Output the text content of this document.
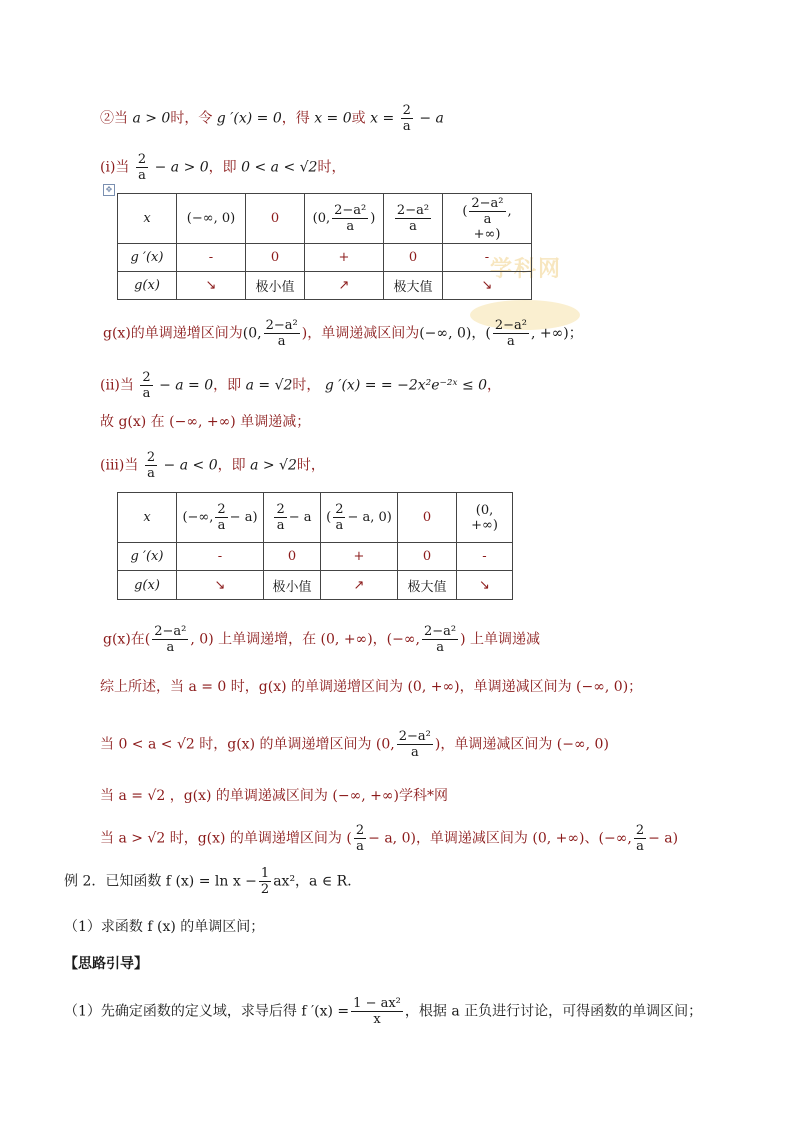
学科网
②当 a > 0时，令 g ′(x) = 0，得 x = 0或 $x = \frac{2}{a} - a$
(ⅰ)当 $\frac{2}{a} - a > 0$，即 0 < a < √2时，
✥
x	(−∞, 0)	0	(0, $\frac{\text{2−a²}}{a}$ )	$\frac{\text{2−a²}}{a}$	( $\frac{\text{2−a²}}{a}$ , +∞)
g ′(x)	-	0	+	0	-
g(x)	↘	极小值	↗	极大值	↘
g(x)的单调递增区间为(0, $\frac{\text{2−a²}}{a}$ )，单调递减区间为(−∞, 0)，( $\frac{\text{2−a²}}{a}$ , +∞)；
(ii)当 $\frac{2}{a} - a = 0$，即 a = √2时， g ′(x) = = −2x²e⁻²ˣ ≤ 0，
故 g(x) 在 (−∞, +∞) 单调递减；
(iii)当 $\frac{2}{a} - a < 0$，即 a > √2时，
x	(−∞, $\frac{2}{a} - a$)	$\frac{2}{a} - a$	( $\frac{2}{a} - a$, 0)	0	(0, +∞)
g ′(x)	-	0	+	0	-
g(x)	↘	极小值	↗	极大值	↘
g(x)在( $\frac{\text{2−a²}}{a}$ , 0) 上单调递增，在 (0, +∞)，(−∞, $\frac{\text{2−a²}}{a}$ ) 上单调递减
综上所述，当 a = 0 时，g(x) 的单调递增区间为 (0, +∞)，单调递减区间为 (−∞, 0)；
当 0 < a < √2 时，g(x) 的单调递增区间为 (0, $\frac{\text{2−a²}}{a}$ )，单调递减区间为 (−∞, 0)
当 a = √2 ，g(x) 的单调递减区间为 (−∞, +∞)学科*网
当 a > √2 时，g(x) 的单调递增区间为 ( $\frac{2}{a} - a$, 0)，单调递减区间为 (0, +∞)、(−∞, $\frac{2}{a} - a$)
例 2．已知函数 f $(x) = \ln x - \frac{1}{2} ax^2$，a ∈ R．
（1）求函数 f (x) 的单调区间；
【思路引导】
（1）先确定函数的定义域，求导后得 f $'(x) = \frac{\text{1 − ax²}}{x}$ ，根据 a 正负进行讨论，可得函数的单调区间；
